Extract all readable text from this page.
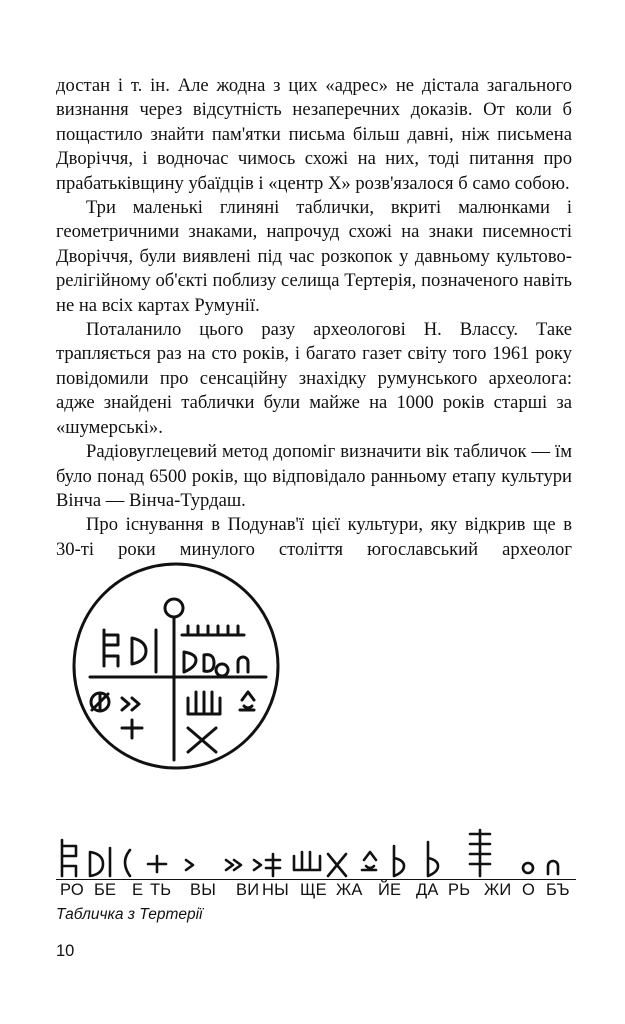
достан і т. ін. Але жодна з цих «адрес» не дістала загального визнання через відсутність незаперечних доказів. От коли б пощастило знайти пам'ятки письма більш давні, ніж письмена Дворіччя, і водночас чимось схожі на них, тоді питання про прабатьківщину убаїдців і «центр X» розв'язалося б само собою.

Три маленькі глиняні таблички, вкриті малюнками і геометричними знаками, напрочуд схожі на знаки писемності Дворіччя, були виявлені під час розкопок у давньому культово-релігійному об'єкті поблизу селища Тертерія, позначеного навіть не на всіх картах Румунії.

Поталанило цього разу археологові Н. Влассу. Таке трапляється раз на сто років, і багато газет світу того 1961 року повідомили про сенсаційну знахідку румунського археолога: адже знайдені таблички були майже на 1000 років старші за «шумерські».

Радіовуглецевий метод допоміг визначити вік табличок — їм було понад 6500 років, що відповідало ранньому етапу культури Вінча — Вінча-Турдаш.

Про існування в Подунав'ї цієї культури, яку відкрив ще в 30-ті роки минулого століття югославський археолог

РО БЕ Е ТЬ ВЫ ВИ НЫ ЩЕ ЖА ЙЕ ДА РЬ ЖИ О БЪ
Табличка з Тертерії
10
